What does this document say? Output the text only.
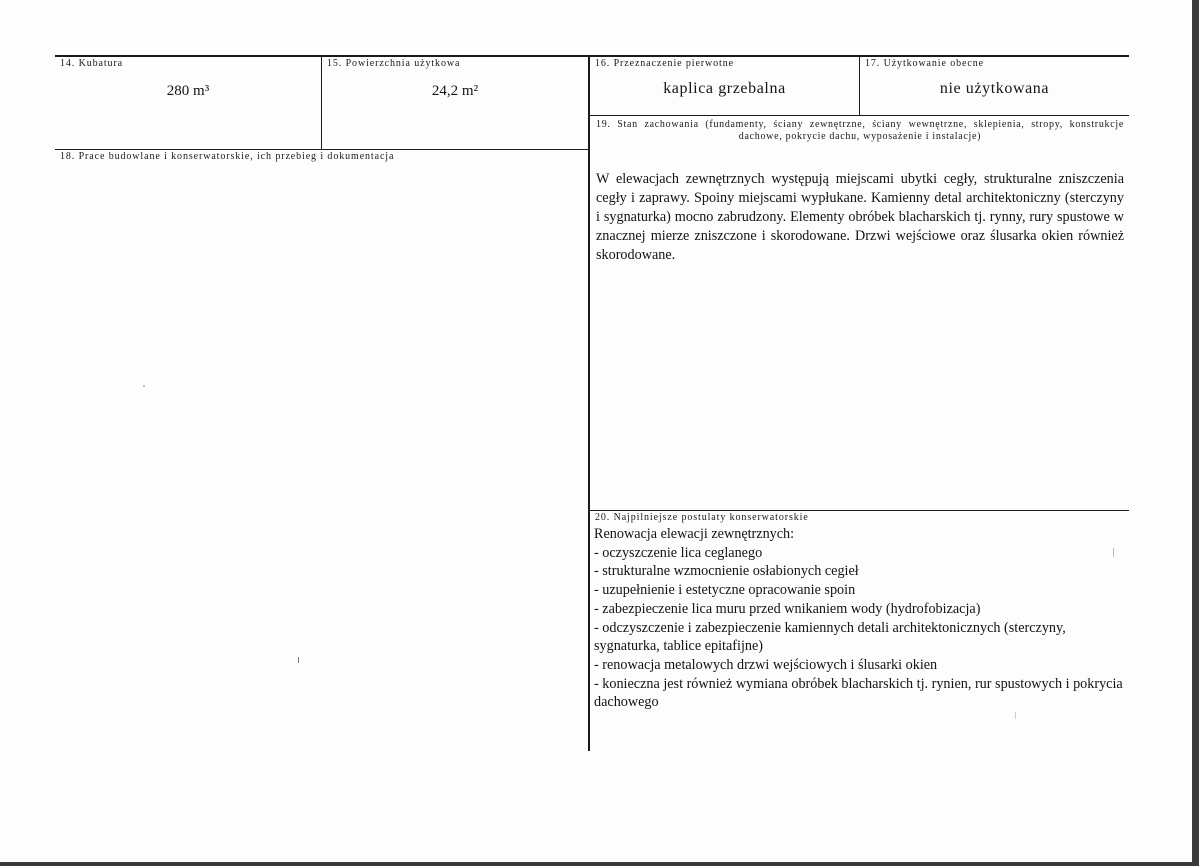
14. Kubatura
280 m³
15. Powierzchnia użytkowa
24,2 m²
16. Przeznaczenie pierwotne
kaplica grzebalna
17. Użytkowanie obecne
nie użytkowana
18. Prace budowlane i konserwatorskie, ich przebieg i dokumentacja
19. Stan zachowania (fundamenty, ściany zewnętrzne, ściany wewnętrzne, sklepienia, stropy, konstrukcje dachowe, pokrycie dachu, wyposażenie i instalacje)
W elewacjach zewnętrznych występują miejscami ubytki cegły, strukturalne zniszczenia cegły i zaprawy. Spoiny miejscami wypłukane. Kamienny detal architektoniczny (sterczyny i sygnaturka) mocno zabrudzony. Elementy obróbek blacharskich tj. rynny, rury spustowe w znacznej mierze zniszczone i skorodowane. Drzwi wejściowe oraz ślusarka okien również skorodowane.
20. Najpilniejsze postulaty konserwatorskie
Renowacja elewacji zewnętrznych:
- oczyszczenie lica ceglanego
- strukturalne wzmocnienie osłabionych cegieł
- uzupełnienie i estetyczne opracowanie spoin
- zabezpieczenie lica muru przed wnikaniem wody (hydrofobizacja)
- odczyszczenie i zabezpieczenie kamiennych detali architektonicznych (sterczyny, sygnaturka, tablice epitafijne)
- renowacja metalowych drzwi wejściowych i ślusarki okien
- konieczna jest również wymiana obróbek blacharskich tj. rynien, rur spustowych i pokrycia dachowego
